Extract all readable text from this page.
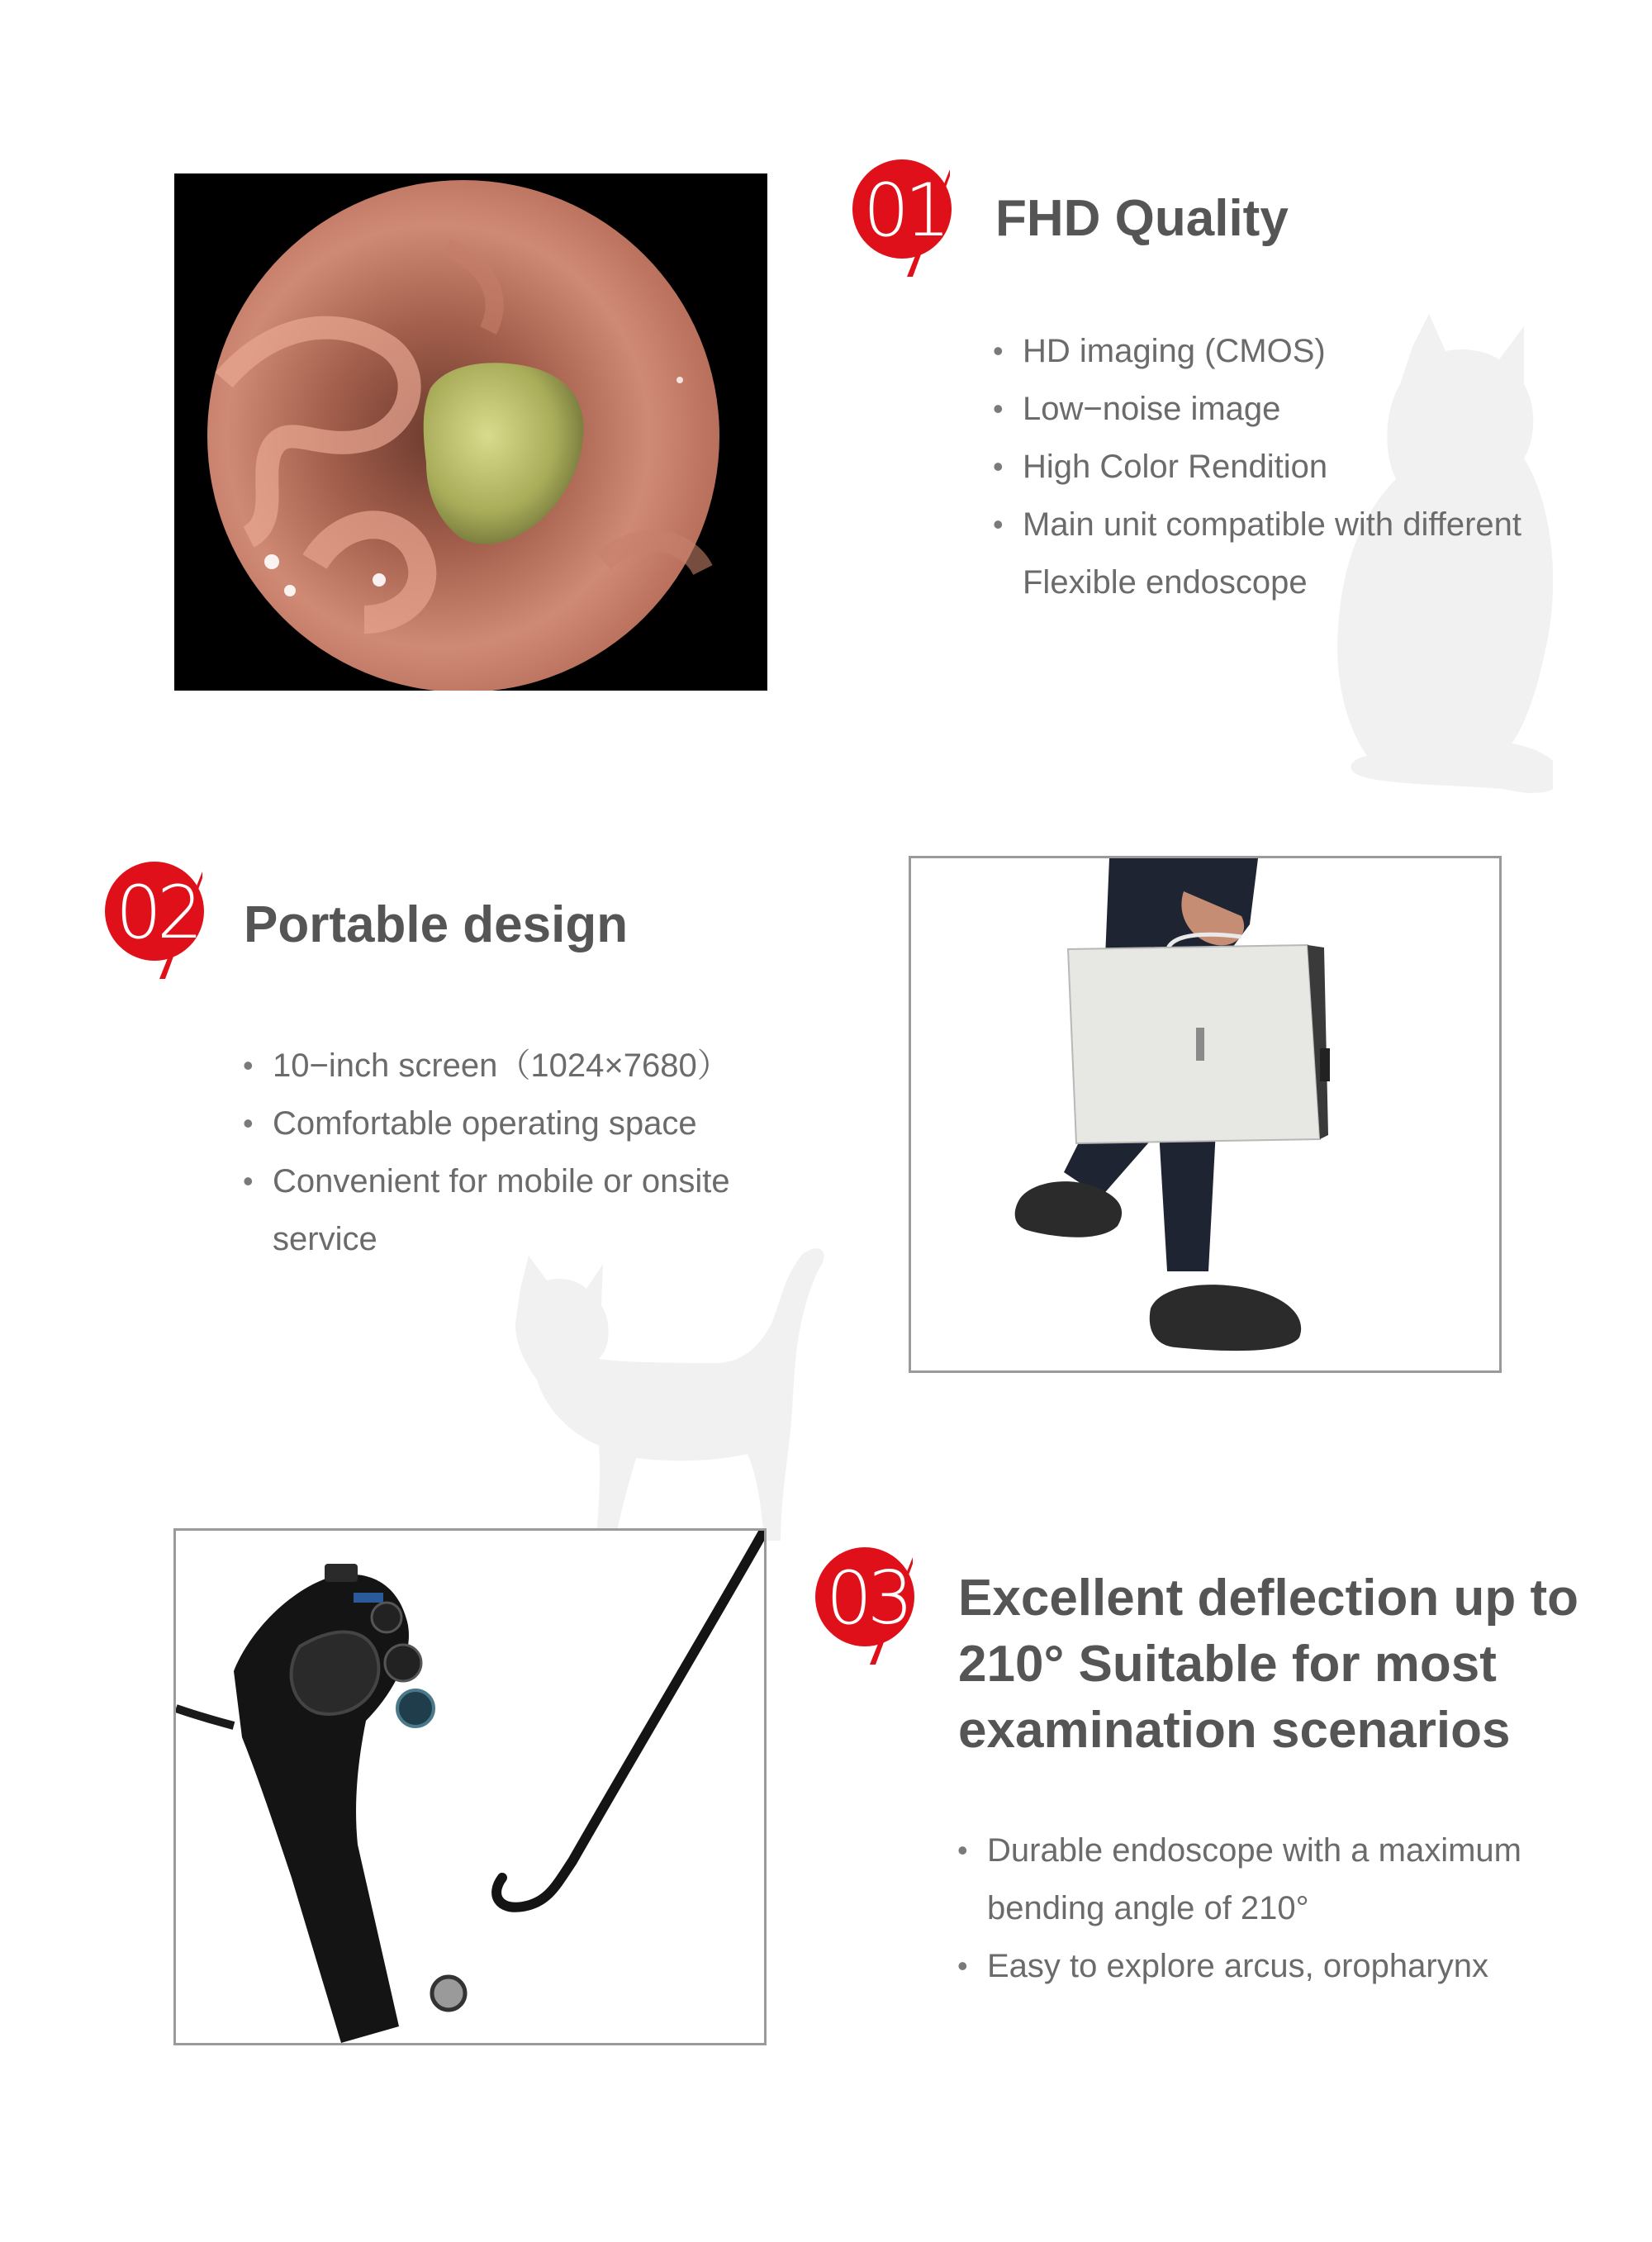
01 FHD Quality
• HD imaging (CMOS)
• Low−noise image
• High Color Rendition
• Main unit compatible with different
Flexible endoscope
02 Portable design
• 10−inch screen（1024×7680）
• Comfortable operating space
• Convenient for mobile or onsite
service
03 Excellent deflection up to
210° Suitable for most
examination scenarios
• Durable endoscope with a maximum
bending angle of 210°
• Easy to explore arcus, oropharynx
